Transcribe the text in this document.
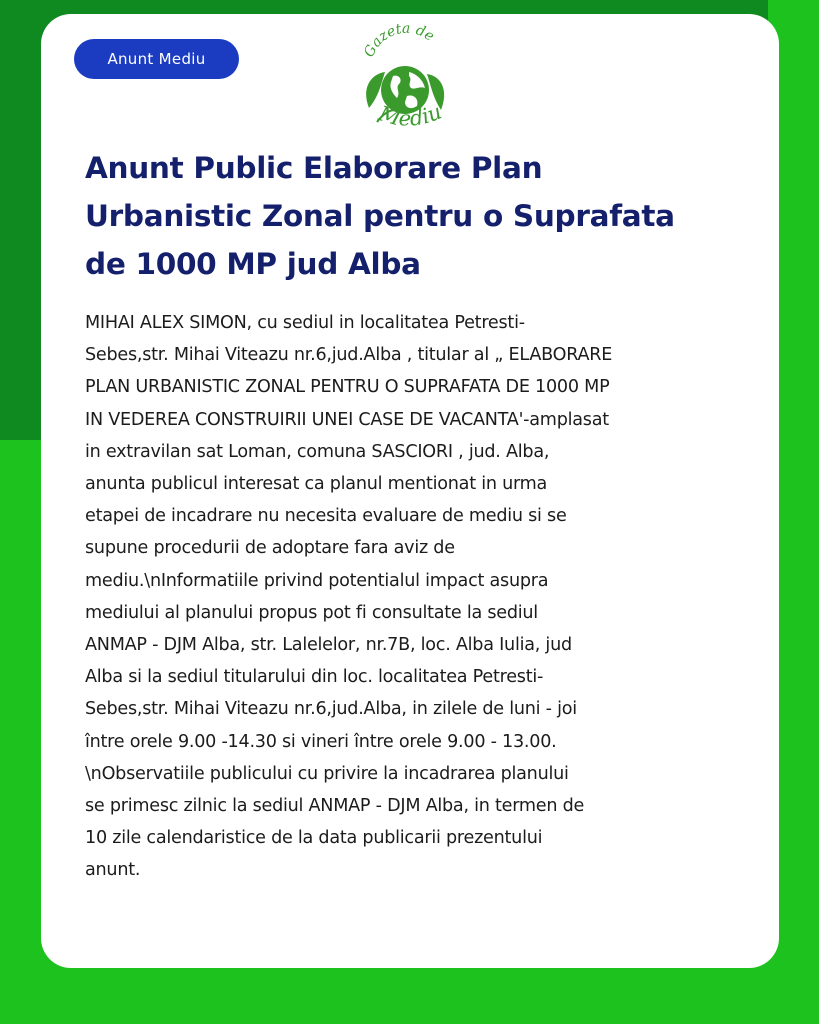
Anunt Mediu	Gazeta de
Mediu
Anunt Public Elaborare Plan
Urbanistic Zonal pentru o Suprafata
de 1000 MP jud Alba

MIHAI ALEX SIMON, cu sediul in localitatea Petresti-
Sebes,str. Mihai Viteazu nr.6,jud.Alba , titular al „ ELABORARE
PLAN URBANISTIC ZONAL PENTRU O SUPRAFATA DE 1000 MP
IN VEDEREA CONSTRUIRII UNEI CASE DE VACANTA'-amplasat
in extravilan sat Loman, comuna SASCIORI , jud. Alba,
anunta publicul interesat ca planul mentionat in urma
etapei de incadrare nu necesita evaluare de mediu si se
supune procedurii de adoptare fara aviz de
mediu.\nInformatiile privind potentialul impact asupra
mediului al planului propus pot fi consultate la sediul
ANMAP - DJM Alba, str. Lalelelor, nr.7B, loc. Alba Iulia, jud
Alba si la sediul titularului din loc. localitatea Petresti-
Sebes,str. Mihai Viteazu nr.6,jud.Alba, in zilele de luni - joi
între orele 9.00 -14.30 si vineri între orele 9.00 - 13.00.
\nObservatiile publicului cu privire la incadrarea planului
se primesc zilnic la sediul ANMAP - DJM Alba, in termen de
10 zile calendaristice de la data publicarii prezentului
anunt.
